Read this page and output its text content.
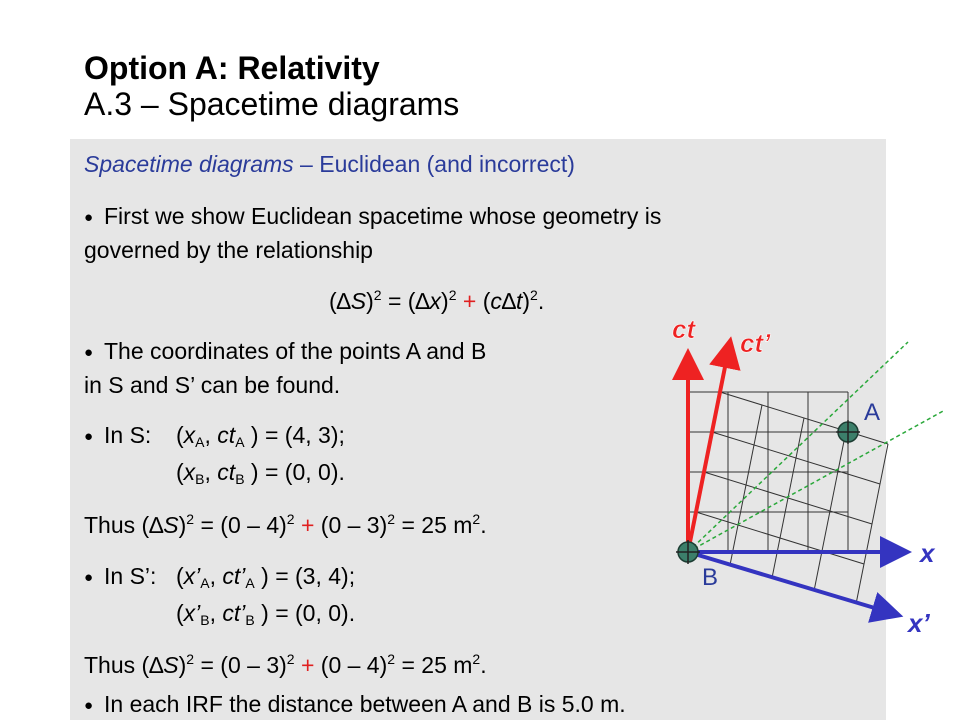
Option A: Relativity
A.3 – Spacetime diagrams
Spacetime diagrams – Euclidean (and incorrect)
● First we show Euclidean spacetime whose geometry is
governed by the relationship
$(\Delta S)^2 = (\Delta x)^2 + (c\Delta t)^2$.
● The coordinates of the points A and B
in S and S’ can be found.
● In S: ($x_A$, $ct_A$ ) = (4, 3);
($x_B$, $ct_B$ ) = (0, 0).
Thus $(\Delta S)^2 = (0 - 4)^2 + (0 - 3)^2 = 25$ $m^2$.
● In S’: ($x’_A$, $ct’_A$ ) = (3, 4);
($x’_B$, $ct’_B$ ) = (0, 0).
Thus $(\Delta S)^2 = (0 - 3)^2 + (0 - 4)^2 = 25$ $m^2$.
● In each IRF the distance between A and B is 5.0 m.
ct ct’
x
x’
A
B
